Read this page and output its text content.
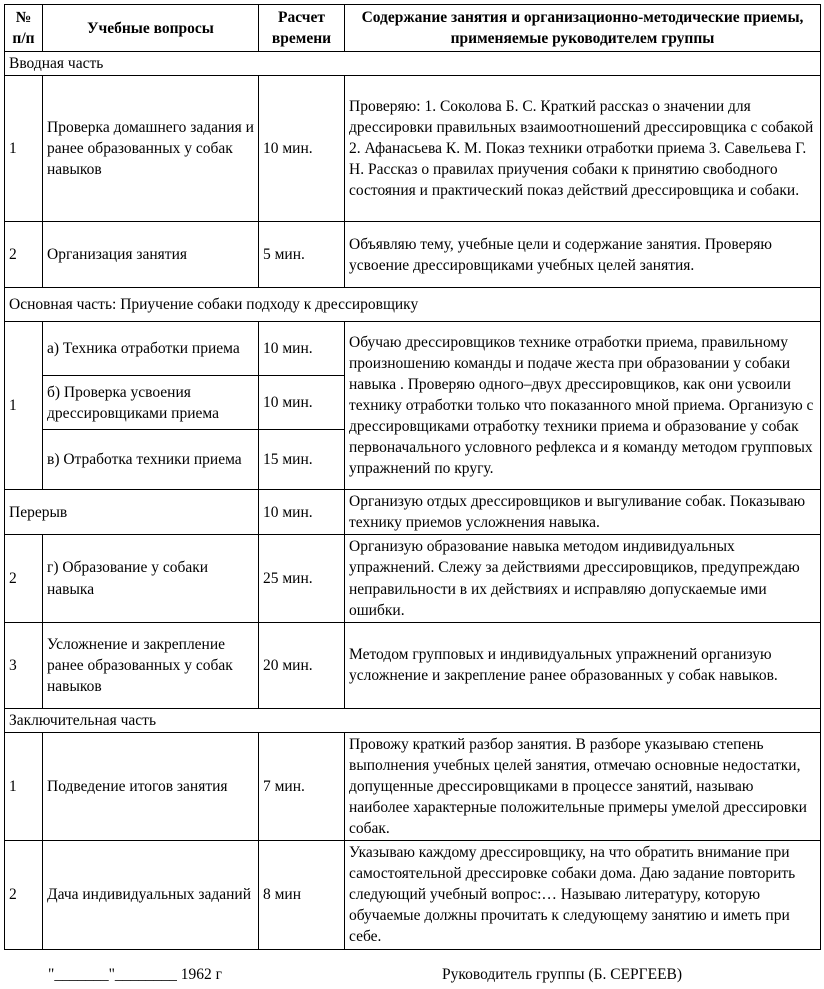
№ п/п	Учебные вопросы	Расчет времени	Содержание занятия и организационно-методические приемы, применяемые руководителем группы
Вводная часть			
1	Проверка домашнего задания и ранее образованных у собак навыков	10 мин.	Проверяю: 1. Соколова Б. С. Краткий рассказ о значении для дрессировки правильных взаимоотношений дрессировщика с собакой 2. Афанасьева К. М. Показ техники отработки приема 3. Савельева Г. Н. Рассказ о правилах приучения собаки к принятию свободного состояния и практический показ действий дрессировщика и собаки.
2	Организация занятия	5 мин.	Объявляю тему, учебные цели и содержание занятия. Проверяю усвоение дрессировщиками учебных целей занятия.
Основная часть: Приучение собаки подходу к дрессировщику			
1	а) Техника отработки приема	10 мин.	Обучаю дрессировщиков технике отработки приема, правильному произношению команды и подаче жеста при образовании у собаки навыка . Проверяю одного–двух дрессировщиков, как они усвоили технику отработки только что показанного мной приема. Организую с дрессировщиками отработку техники приема и образование у собак первоначального условного рефлекса и я команду методом групповых упражнений по кругу.
	б) Проверка усвоения дрессировщиками приема	10 мин.	
	в) Отработка техники приема	15 мин.	
Перерыв		10 мин.	Организую отдых дрессировщиков и выгуливание собак. Показываю технику приемов усложнения навыка.
2	г) Образование у собаки навыка	25 мин.	Организую образование навыка методом индивидуальных упражнений. Слежу за действиями дрессировщиков, предупреждаю неправильности в их действиях и исправляю допускаемые ими ошибки.
3	Усложнение и закрепление ранее образованных у собак навыков	20 мин.	Методом групповых и индивидуальных упражнений организую усложнение и закрепление ранее образованных у собак навыков.
Заключительная часть			
1	Подведение итогов занятия	7 мин.	Провожу краткий разбор занятия. В разборе указываю степень выполнения учебных целей занятия, отмечаю основные недостатки, допущенные дрессировщиками в процессе занятий, называю наиболее характерные положительные примеры умелой дрессировки собак.
2	Дача индивидуальных заданий	8 мин	Указываю каждому дрессировщику, на что обратить внимание при самостоятельной дрессировке собаки дома. Даю задание повторить следующий учебный вопрос:… Называю литературу, которую обучаемые должны прочитать к следующему занятию и иметь при себе.
"_______"________ 1962 г	Руководитель группы (Б. СЕРГЕЕВ)
